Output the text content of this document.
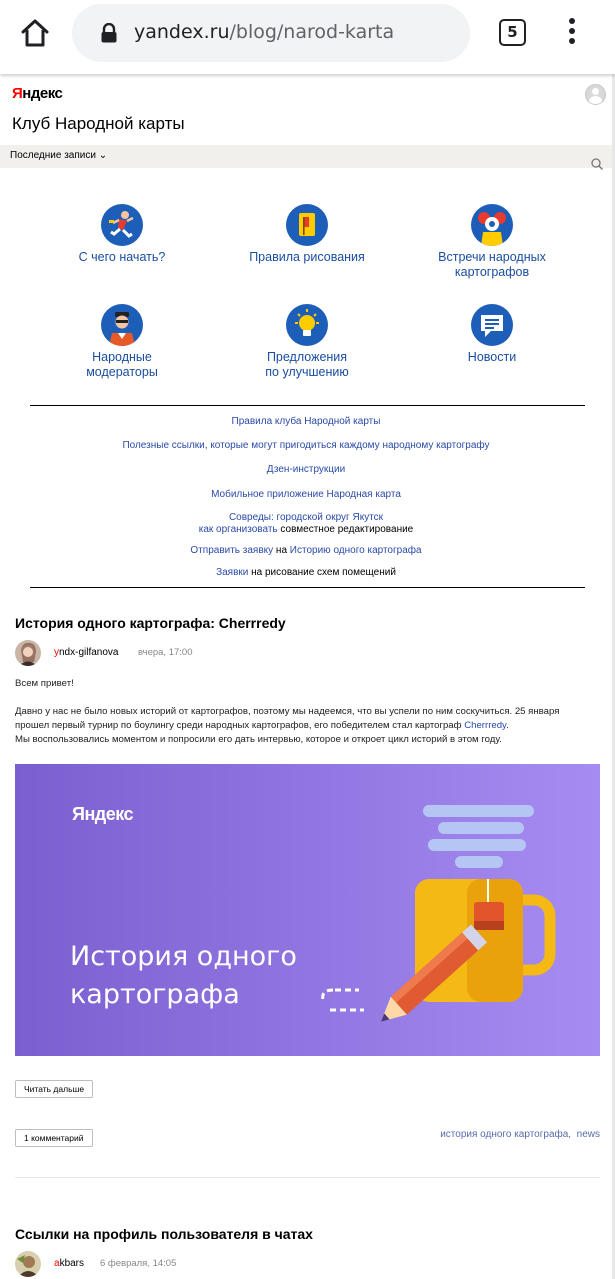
yandex.ru/blog/narod-karta	5
Яндекс
Клуб Народной карты
Последние записи ⌄
С чего начать?	Правила рисования	Встречи народных
картографов
Народные
модераторы
Предложения
по улучшению
Новости
Правила клуба Народной карты
Полезные ссылки, которые могут пригодиться каждому народному картографу
Дзен-инструкции
Мобильное приложение Народная карта
Совреды: городской округ Якутск
как организовать совместное редактирование
Отправить заявку на Историю одного картографа
Заявки на рисование схем помещений
История одного картографа: Cherrredy
yndx-gilfanova вчера, 17:00
Всем привет!
Давно у нас не было новых историй от картографов, поэтому мы надеемся, что вы успели по ним соскучиться. 25 января
прошел первый турнир по боулингу среди народных картографов, его победителем стал картограф Cherrredy.
Мы воспользовались моментом и попросили его дать интервью, которое и откроет цикл историй в этом году.
Яндекс
История одного
картографа
Читать дальше
1 комментарий	история одного картографа, news
Ссылки на профиль пользователя в чатах
akbars 6 февраля, 14:05
